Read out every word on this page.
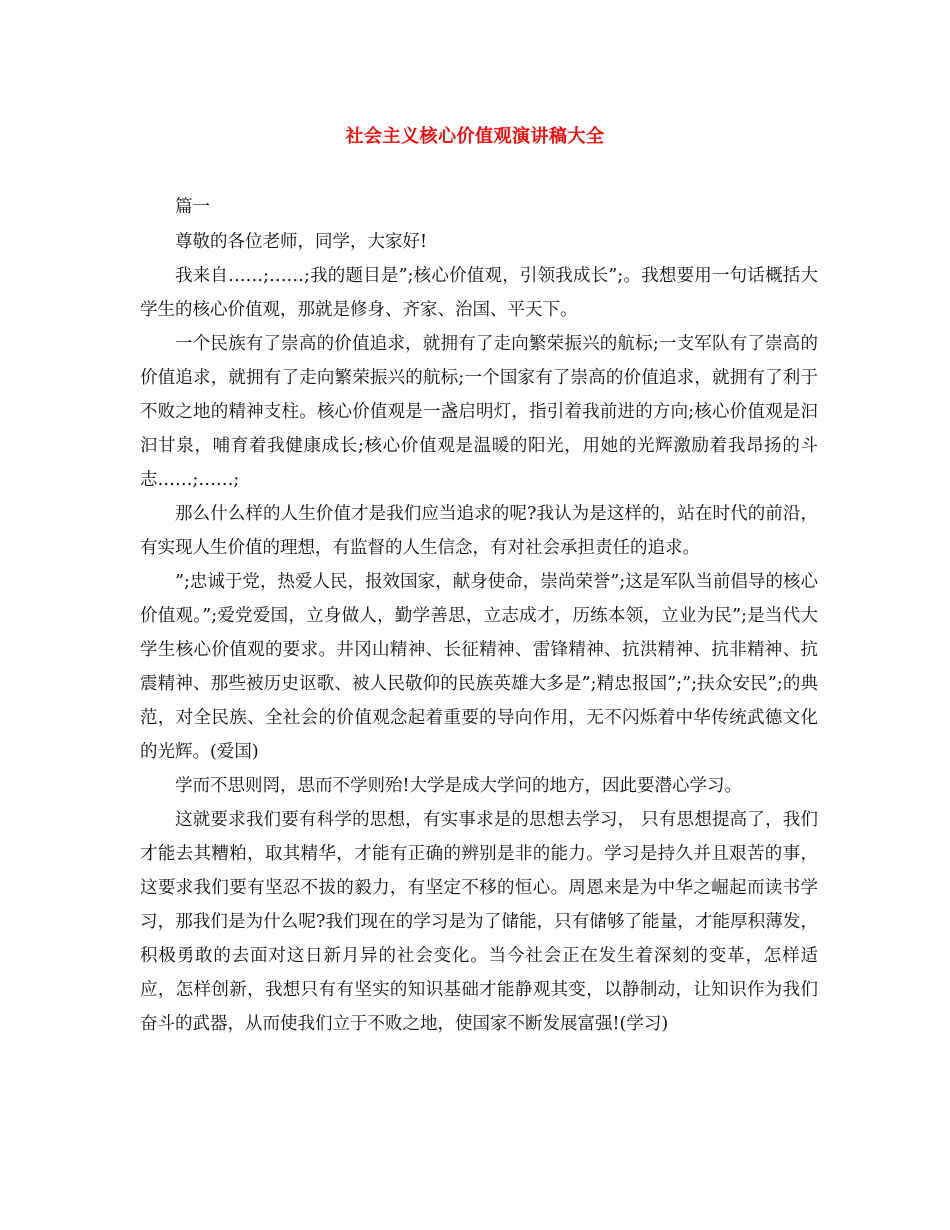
社会主义核心价值观演讲稿大全

篇一

尊敬的各位老师，同学，大家好!

我来自……;……;我的题目是”;核心价值观，引领我成长”;。我想要用一句话概括大学生的核心价值观，那就是修身、齐家、治国、平天下。

一个民族有了崇高的价值追求，就拥有了走向繁荣振兴的航标;一支军队有了崇高的价值追求，就拥有了走向繁荣振兴的航标;一个国家有了崇高的价值追求，就拥有了利于不败之地的精神支柱。核心价值观是一盏启明灯，指引着我前进的方向;核心价值观是汩汩甘泉，哺育着我健康成长;核心价值观是温暖的阳光，用她的光辉激励着我昂扬的斗志……;……;

那么什么样的人生价值才是我们应当追求的呢?我认为是这样的，站在时代的前沿，有实现人生价值的理想，有监督的人生信念，有对社会承担责任的追求。

”;忠诚于党，热爱人民，报效国家，献身使命，崇尚荣誉”;这是军队当前倡导的核心价值观。”;爱党爱国，立身做人，勤学善思，立志成才，历练本领，立业为民”;是当代大学生核心价值观的要求。井冈山精神、长征精神、雷锋精神、抗洪精神、抗非精神、抗震精神、那些被历史讴歌、被人民敬仰的民族英雄大多是”;精忠报国”;”;扶众安民”;的典范，对全民族、全社会的价值观念起着重要的导向作用，无不闪烁着中华传统武德文化的光辉。(爱国)

学而不思则罔，思而不学则殆!大学是成大学问的地方，因此要潜心学习。

这就要求我们要有科学的思想，有实事求是的思想去学习， 只有思想提高了，我们才能去其糟粕，取其精华，才能有正确的辨别是非的能力。学习是持久并且艰苦的事，这要求我们要有坚忍不拔的毅力，有坚定不移的恒心。周恩来是为中华之崛起而读书学习，那我们是为什么呢?我们现在的学习是为了储能，只有储够了能量，才能厚积薄发，积极勇敢的去面对这日新月异的社会变化。当今社会正在发生着深刻的变革，怎样适应，怎样创新，我想只有有坚实的知识基础才能静观其变，以静制动，让知识作为我们奋斗的武器，从而使我们立于不败之地，使国家不断发展富强!(学习)
